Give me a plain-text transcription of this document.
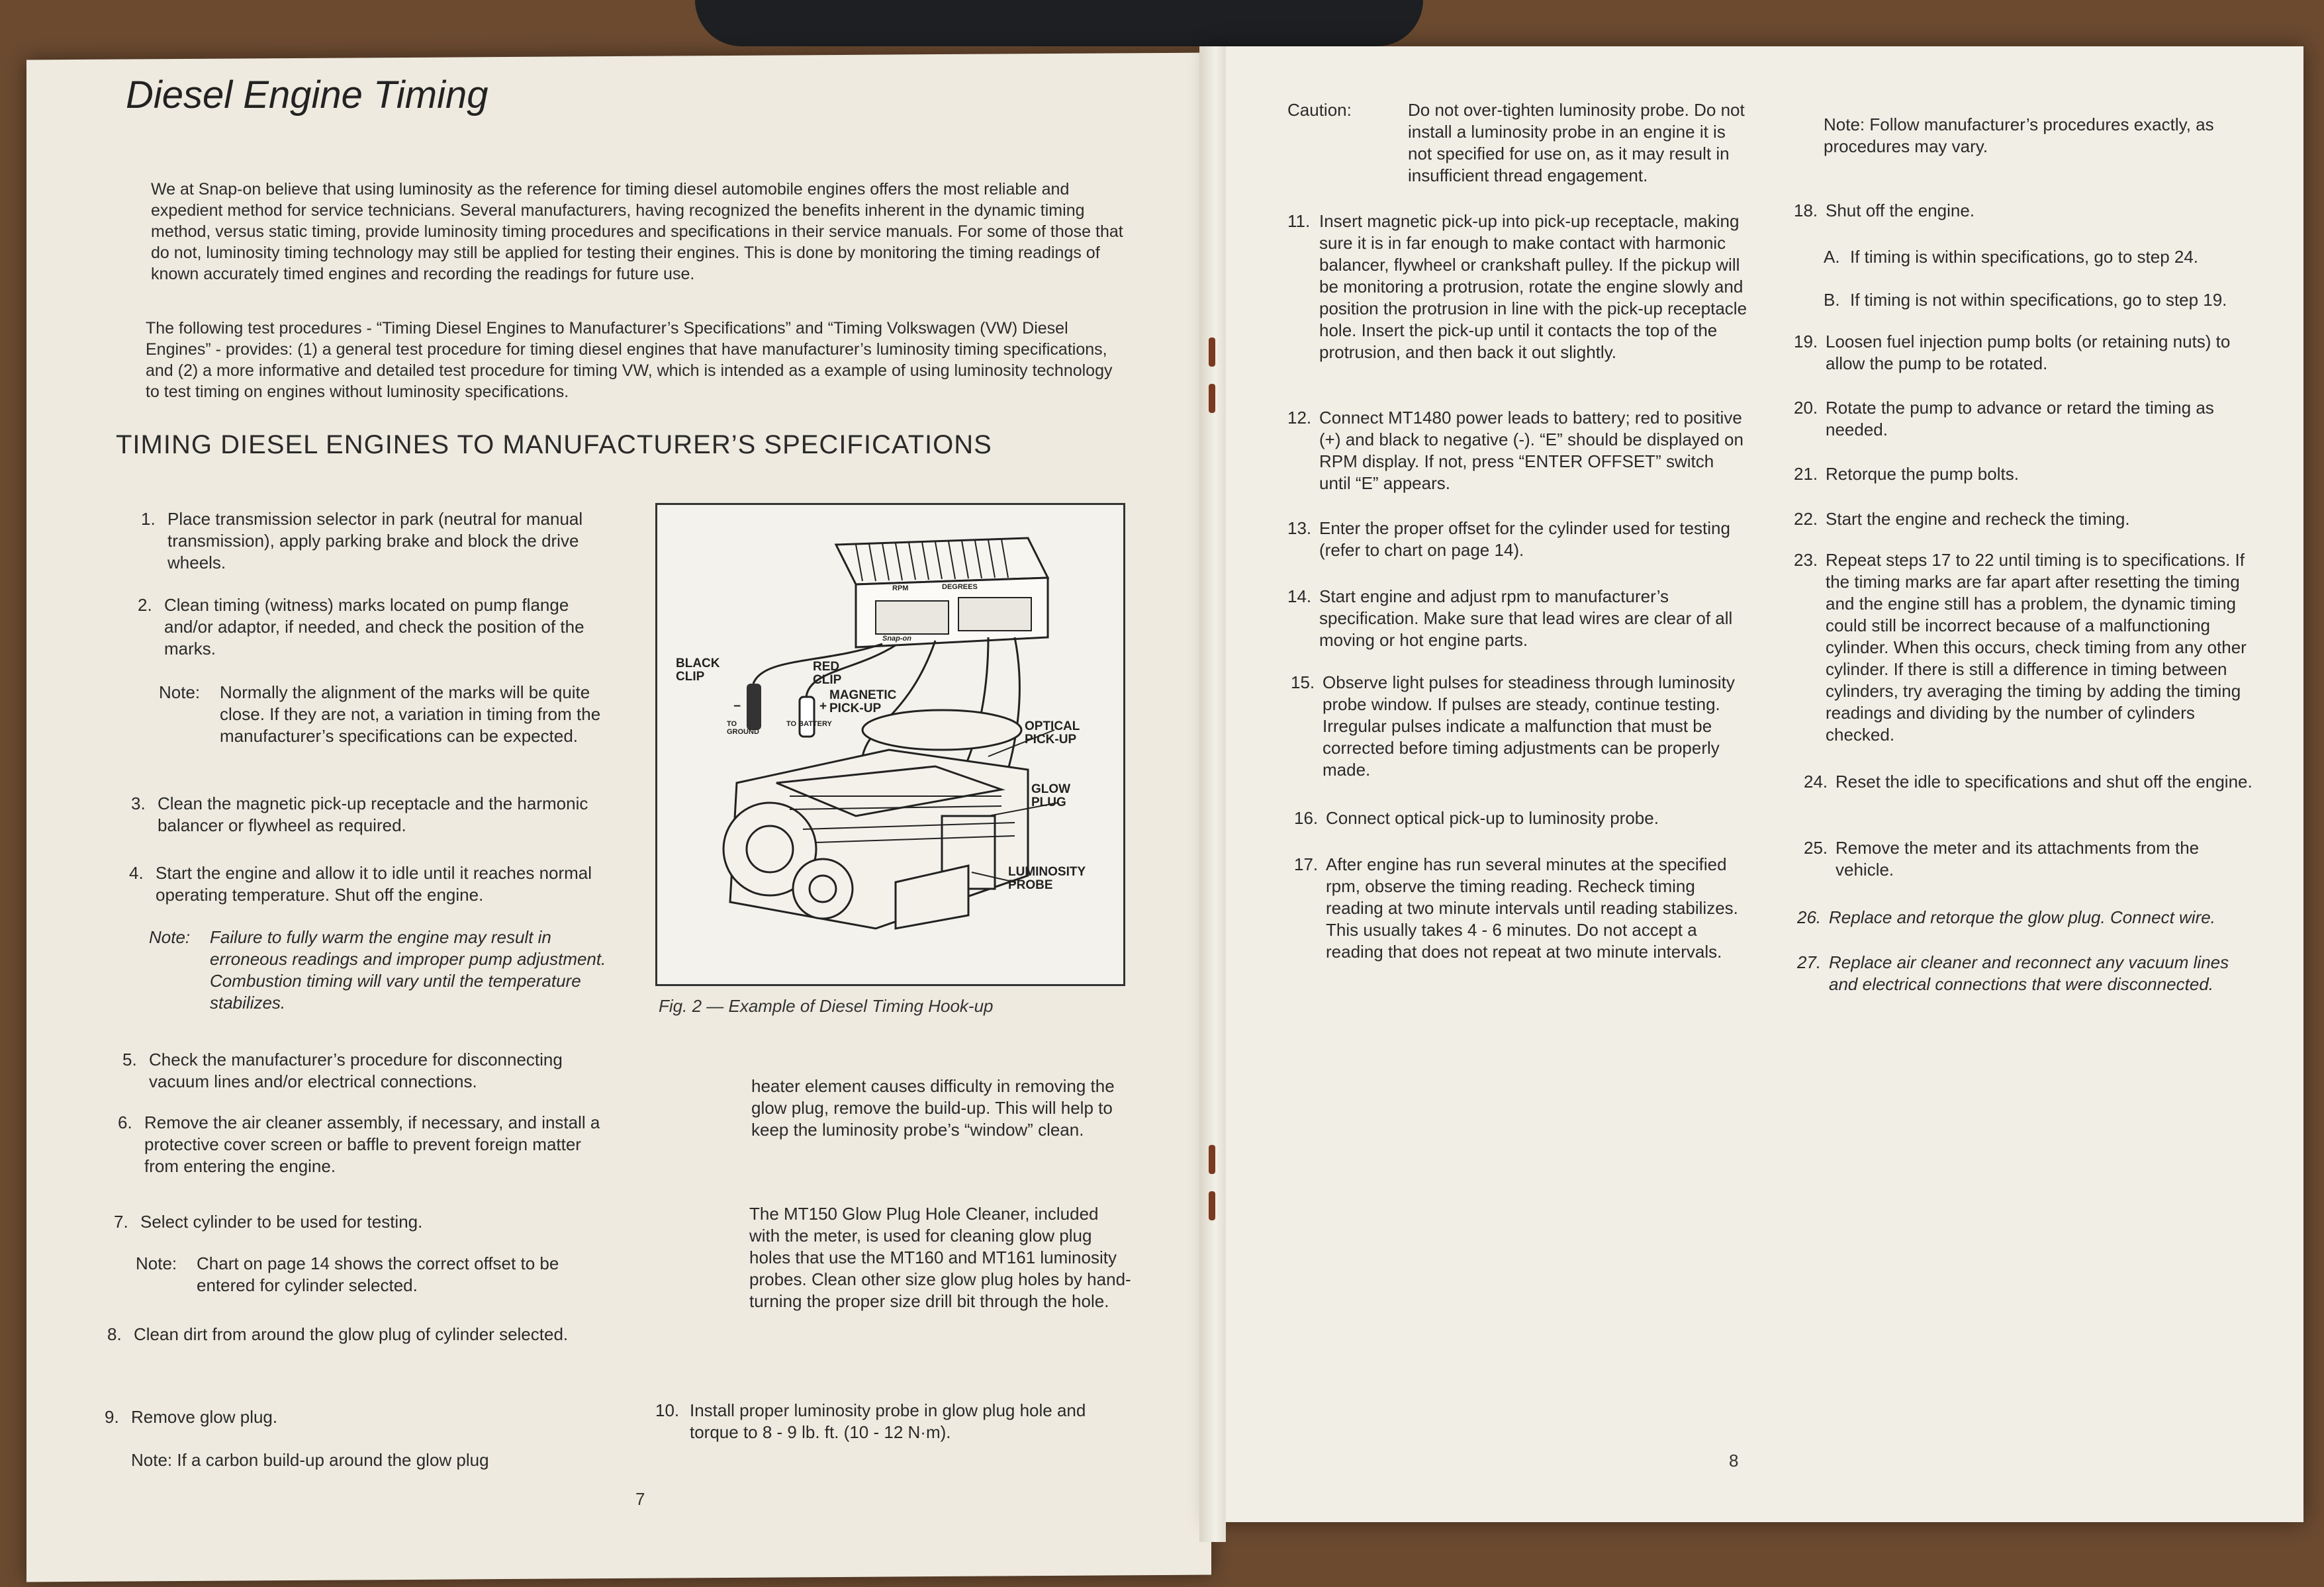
Diesel Engine Timing
We at Snap-on believe that using luminosity as the reference for timing diesel automobile engines offers the most reliable and expedient method for service technicians. Several manufacturers, having recognized the benefits inherent in the dynamic timing method, versus static timing, provide luminosity timing procedures and specifications in their service manuals. For some of those that do not, luminosity timing technology may still be applied for testing their engines. This is done by monitoring the timing readings of known accurately timed engines and recording the readings for future use.
The following test procedures - “Timing Diesel Engines to Manufacturer’s Specifications” and “Timing Volkswagen (VW) Diesel Engines” - provides: (1) a general test procedure for timing diesel engines that have manufacturer’s luminosity timing specifications, and (2) a more informative and detailed test procedure for timing VW, which is intended as a example of using luminosity technology to test timing on engines without luminosity specifications.
TIMING DIESEL ENGINES TO MANUFACTURER’S SPECIFICATIONS
1. Place transmission selector in park (neutral for manual transmission), apply parking brake and block the drive wheels.
2. Clean timing (witness) marks located on pump flange and/or adaptor, if needed, and check the position of the marks.
Note: Normally the alignment of the marks will be quite close. If they are not, a variation in timing from the manufacturer’s specifications can be expected.
3. Clean the magnetic pick-up receptacle and the harmonic balancer or flywheel as required.
4. Start the engine and allow it to idle until it reaches normal operating temperature. Shut off the engine.
Note: Failure to fully warm the engine may result in erroneous readings and improper pump adjustment. Combustion timing will vary until the temperature stabilizes.
5. Check the manufacturer’s procedure for disconnecting vacuum lines and/or electrical connections.
6. Remove the air cleaner assembly, if necessary, and install a protective cover screen or baffle to prevent foreign matter from entering the engine.
7. Select cylinder to be used for testing.
Note: Chart on page 14 shows the correct offset to be entered for cylinder selected.
8. Clean dirt from around the glow plug of cylinder selected.
9. Remove glow plug.
Note: If a carbon build-up around the glow plug
heater element causes difficulty in removing the glow plug, remove the build-up. This will help to keep the luminosity probe’s “window” clean.
The MT150 Glow Plug Hole Cleaner, included with the meter, is used for cleaning glow plug holes that use the MT160 and MT161 luminosity probes. Clean other size glow plug holes by hand-turning the proper size drill bit through the hole.
10. Install proper luminosity probe in glow plug hole and torque to 8 - 9 lb. ft. (10 - 12 N·m).
BLACK CLIP
RED CLIP
MAGNETIC PICK-UP
OPTICAL PICK-UP
GLOW PLUG
LUMINOSITY PROBE
TO GROUND
TO BATTERY
−	+
RPM	DEGREES
Snap-on
Fig. 2 — Example of Diesel Timing Hook-up
7
Caution:	Do not over-tighten luminosity probe. Do not install a luminosity probe in an engine it is not specified for use on, as it may result in insufficient thread engagement.
11. Insert magnetic pick-up into pick-up receptacle, making sure it is in far enough to make contact with harmonic balancer, flywheel or crankshaft pulley. If the pickup will be monitoring a protrusion, rotate the engine slowly and position the protrusion in line with the pick-up receptacle hole. Insert the pick-up until it contacts the top of the protrusion, and then back it out slightly.
12. Connect MT1480 power leads to battery; red to positive (+) and black to negative (-). “E” should be displayed on RPM display. If not, press “ENTER OFFSET” switch until “E” appears.
13. Enter the proper offset for the cylinder used for testing (refer to chart on page 14).
14. Start engine and adjust rpm to manufacturer’s specification. Make sure that lead wires are clear of all moving or hot engine parts.
15. Observe light pulses for steadiness through luminosity probe window. If pulses are steady, continue testing. Irregular pulses indicate a malfunction that must be corrected before timing adjustments can be properly made.
16. Connect optical pick-up to luminosity probe.
17. After engine has run several minutes at the specified rpm, observe the timing reading. Recheck timing reading at two minute intervals until reading stabilizes. This usually takes 4 - 6 minutes. Do not accept a reading that does not repeat at two minute intervals.
Note: Follow manufacturer’s procedures exactly, as procedures may vary.
18. Shut off the engine.
A. If timing is within specifications, go to step 24.
B. If timing is not within specifications, go to step 19.
19. Loosen fuel injection pump bolts (or retaining nuts) to allow the pump to be rotated.
20. Rotate the pump to advance or retard the timing as needed.
21. Retorque the pump bolts.
22. Start the engine and recheck the timing.
23. Repeat steps 17 to 22 until timing is to specifications. If the timing marks are far apart after resetting the timing and the engine still has a problem, the dynamic timing could still be incorrect because of a malfunctioning cylinder. When this occurs, check timing from any other cylinder. If there is still a difference in timing between cylinders, try averaging the timing by adding the timing readings and dividing by the number of cylinders checked.
24. Reset the idle to specifications and shut off the engine.
25. Remove the meter and its attachments from the vehicle.
26. Replace and retorque the glow plug. Connect wire.
27. Replace air cleaner and reconnect any vacuum lines and electrical connections that were disconnected.
8
